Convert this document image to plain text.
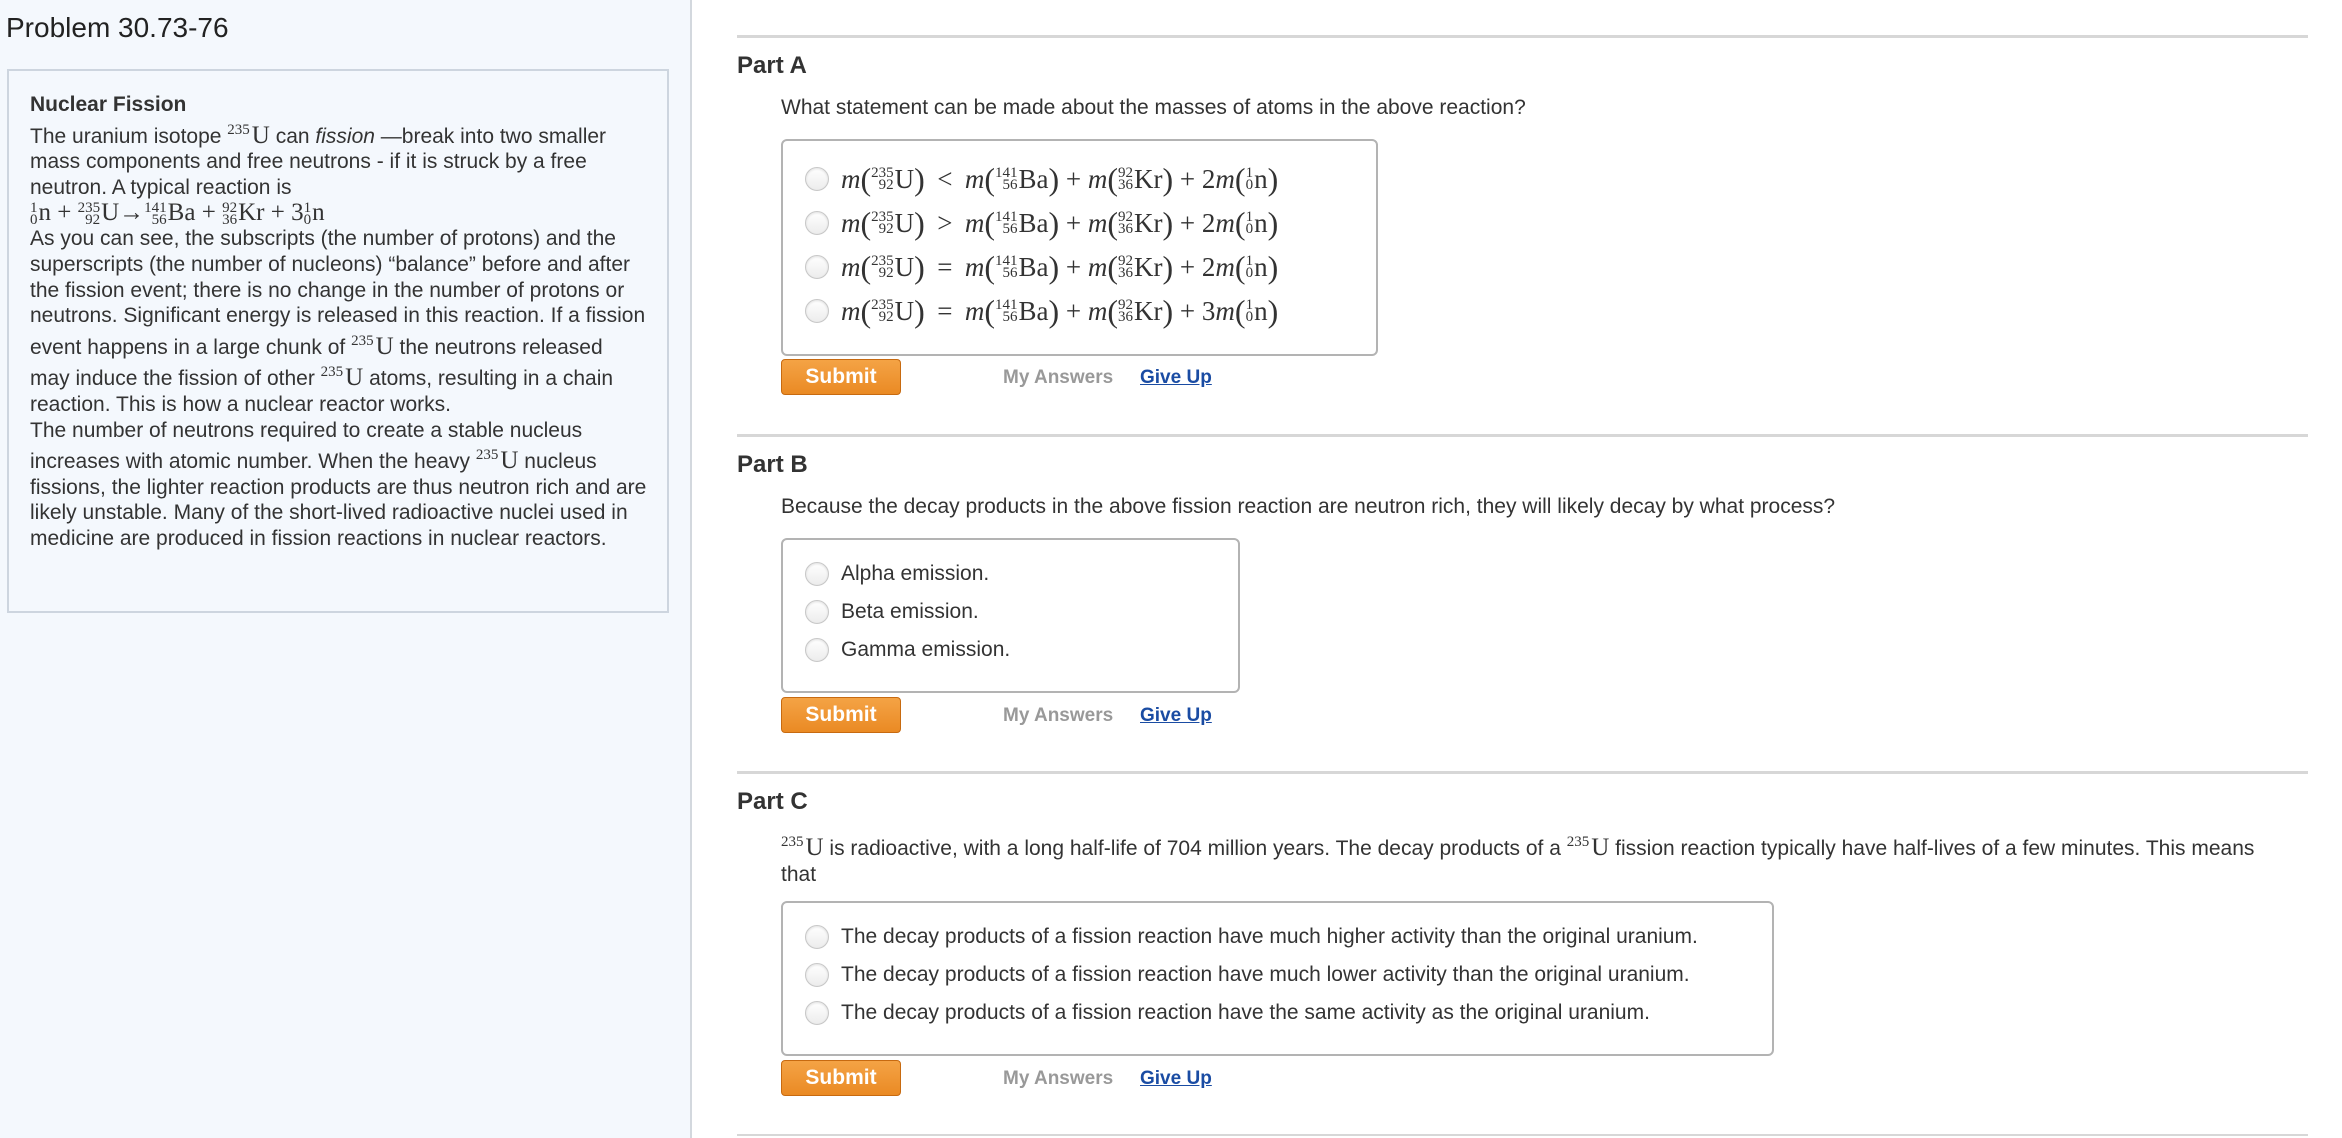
Problem 30.73-76
Nuclear Fission
The uranium isotope $^{235}$U can fission —break into two smaller mass components and free neutrons - if it is struck by a free neutron. A typical reaction is
1
0 n + 235
92 U→ 141
56 Ba + 92
36 Kr + 3 1
0 n
As you can see, the subscripts (the number of protons) and the superscripts (the number of nucleons) “balance” before and after the fission event; there is no change in the number of protons or neutrons. Significant energy is released in this reaction. If a fission event happens in a large chunk of $^{235}$U the neutrons released may induce the fission of other $^{235}$U atoms, resulting in a chain reaction. This is how a nuclear reactor works.
The number of neutrons required to create a stable nucleus increases with atomic number. When the heavy $^{235}$U nucleus fissions, the lighter reaction products are thus neutron rich and are likely unstable. Many of the short-lived radioactive nuclei used in medicine are produced in fission reactions in nuclear reactors.
Part A
What statement can be made about the masses of atoms in the above reaction?
m ( 235
92 U ) < m ( 141
56 Ba )
+
m ( 92
36 Kr )
+
2 m ( 1
0 n )
m ( 235
92 U ) > m ( 141
56 Ba )
+
m ( 92
36 Kr )
+
2 m ( 1
0 n )
m ( 235
92 U ) = m ( 141
56 Ba )
+
m ( 92
36 Kr )
+
2 m ( 1
0 n )
m ( 235
92 U ) = m ( 141
56 Ba )
+
m ( 92
36 Kr )
+
3 m ( 1
0 n )
Submit	My Answers Give Up
Part B
Because the decay products in the above fission reaction are neutron rich, they will likely decay by what process?
Alpha emission.
Beta emission.
Gamma emission.
Submit	My Answers Give Up
Part C
$^{235}$U is radioactive, with a long half-life of 704 million years. The decay products of a $^{235}$U fission reaction typically have half-lives of a few minutes. This means that
The decay products of a fission reaction have much higher activity than the original uranium.
The decay products of a fission reaction have much lower activity than the original uranium.
The decay products of a fission reaction have the same activity as the original uranium.
Submit	My Answers Give Up
